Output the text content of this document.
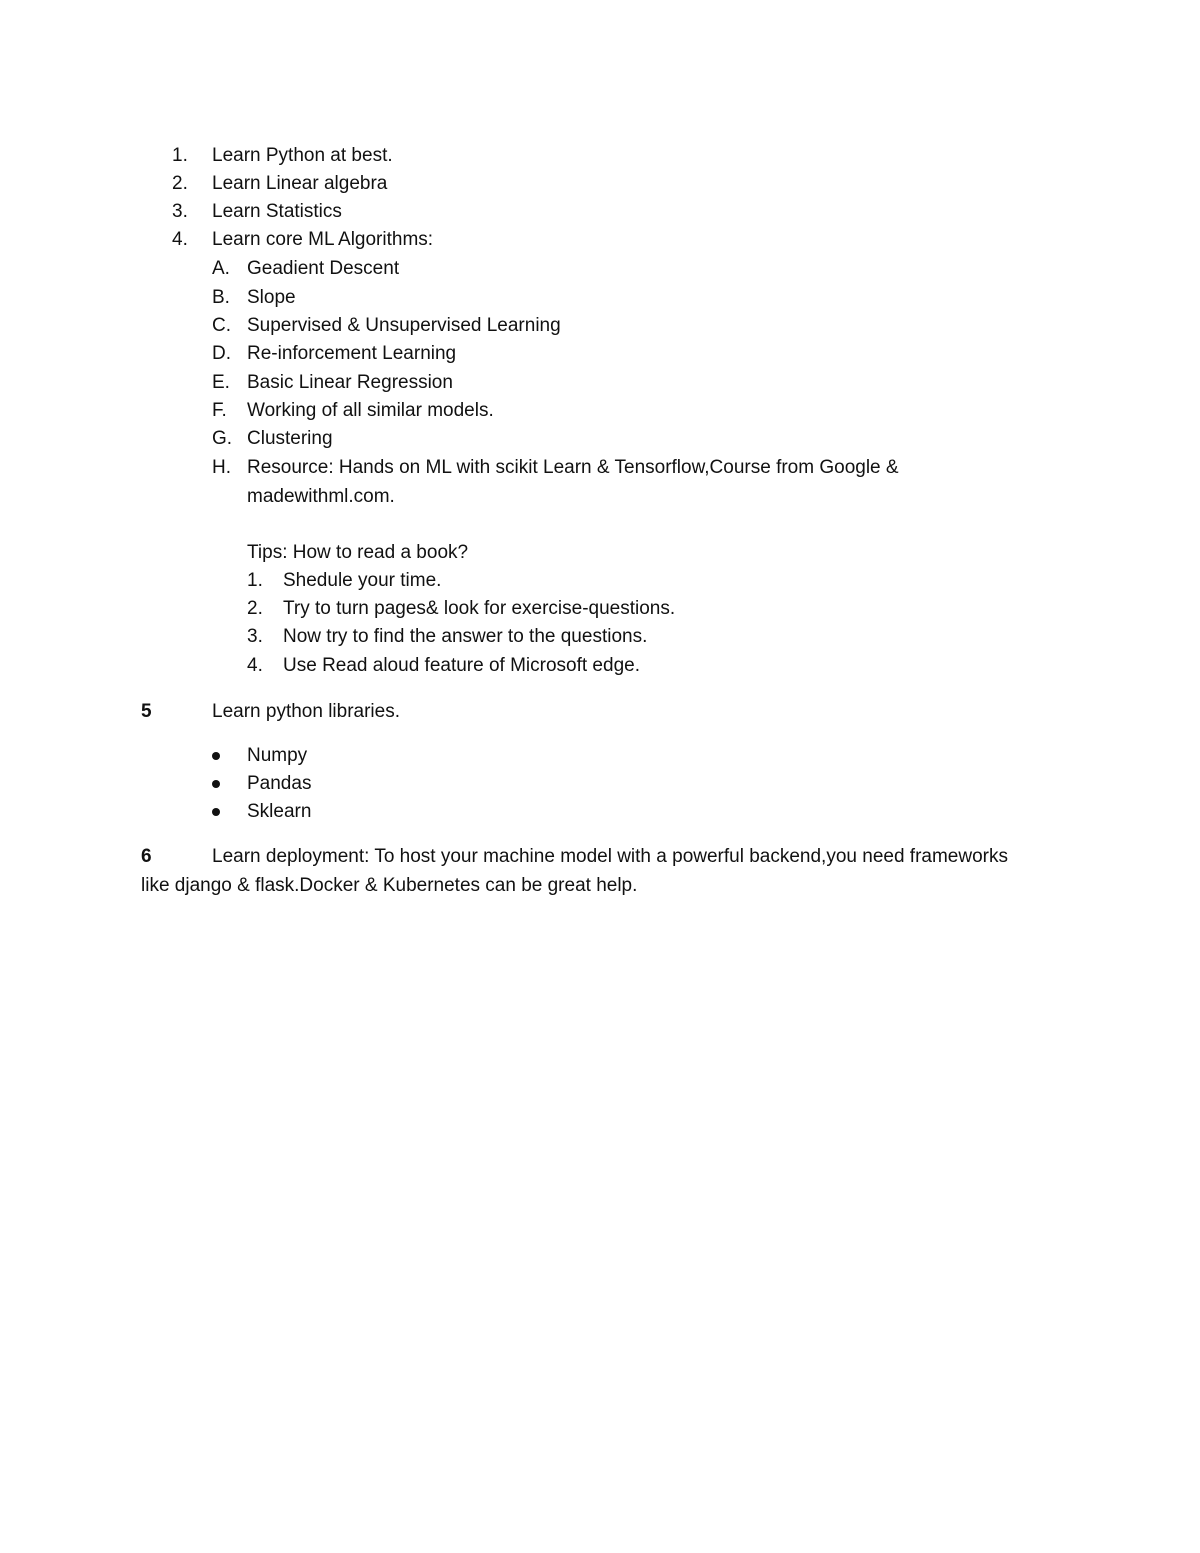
1. Learn Python at best.
2. Learn Linear algebra
3. Learn Statistics
4. Learn core ML Algorithms:
A. Geadient Descent
B. Slope
C. Supervised & Unsupervised Learning
D. Re-inforcement Learning
E. Basic Linear Regression
F. Working of all similar models.
G. Clustering
H. Resource: Hands on ML with scikit Learn & Tensorflow,Course from Google &
madewithml.com.
Tips: How to read a book?
1. Shedule your time.
2. Try to turn pages& look for exercise-questions.
3. Now try to find the answer to the questions.
4. Use Read aloud feature of Microsoft edge.
5	Learn python libraries.
Numpy
Pandas
Sklearn
6	Learn deployment: To host your machine model with a powerful backend,you need frameworks
like django & flask.Docker & Kubernetes can be great help.
